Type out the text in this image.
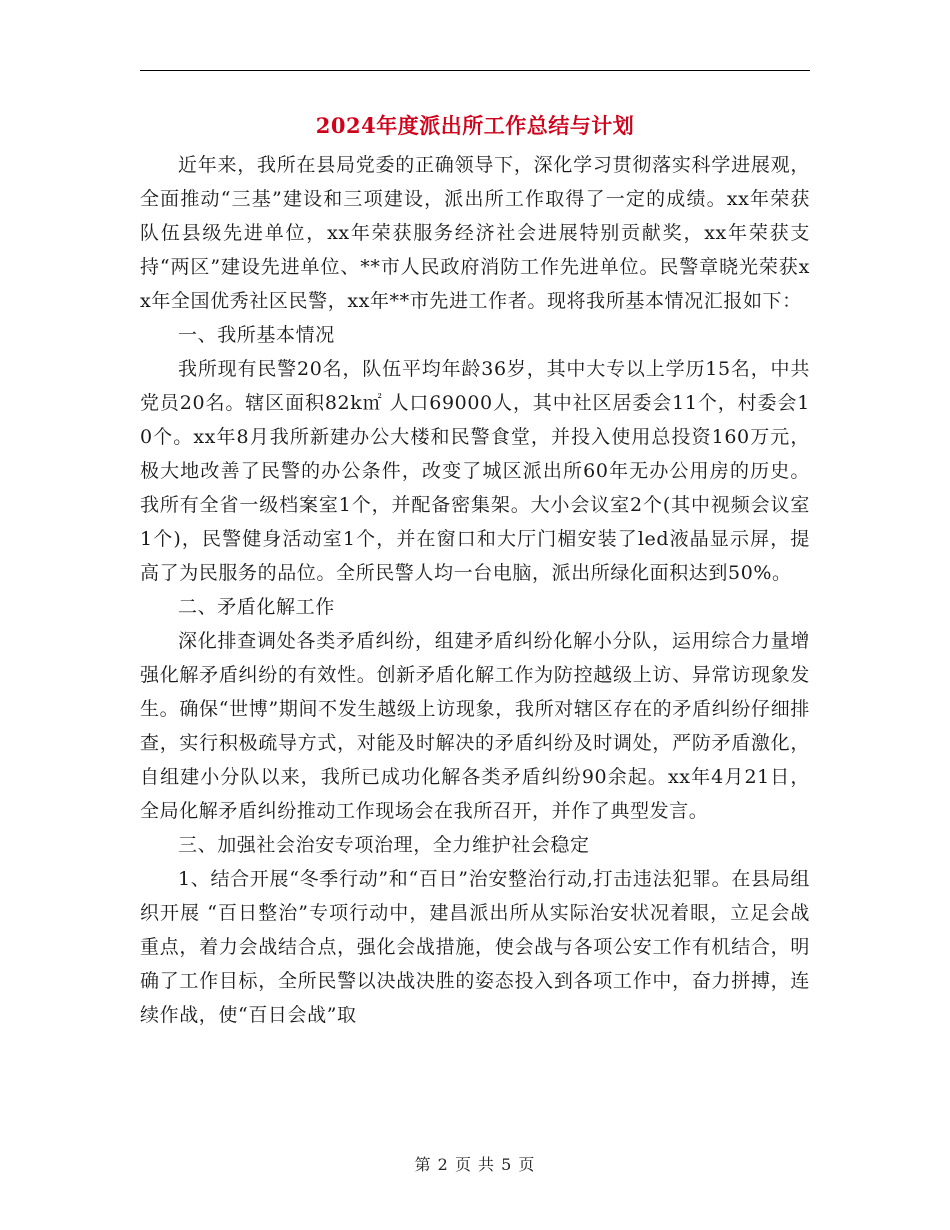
2024年度派出所工作总结与计划

近年来，我所在县局党委的正确领导下，深化学习贯彻落实科学进展观，全面推动“三基”建设和三项建设，派出所工作取得了一定的成绩。xx年荣获队伍县级先进单位，xx年荣获服务经济社会进展特别贡献奖，xx年荣获支持“两区”建设先进单位、**市人民政府消防工作先进单位。民警章晓光荣获xx年全国优秀社区民警，xx年**市先进工作者。现将我所基本情况汇报如下：

一、我所基本情况

我所现有民警20名，队伍平均年龄36岁，其中大专以上学历15名，中共党员20名。辖区面积82k㎡ 人口69000人，其中社区居委会11个，村委会10个。xx年8月我所新建办公大楼和民警食堂，并投入使用总投资160万元，极大地改善了民警的办公条件，改变了城区派出所60年无办公用房的历史。我所有全省一级档案室1个，并配备密集架。大小会议室2个(其中视频会议室1个)，民警健身活动室1个，并在窗口和大厅门楣安装了led液晶显示屏，提高了为民服务的品位。全所民警人均一台电脑，派出所绿化面积达到50%。

二、矛盾化解工作

深化排查调处各类矛盾纠纷，组建矛盾纠纷化解小分队，运用综合力量增强化解矛盾纠纷的有效性。创新矛盾化解工作为防控越级上访、异常访现象发生。确保“世博”期间不发生越级上访现象，我所对辖区存在的矛盾纠纷仔细排查，实行积极疏导方式，对能及时解决的矛盾纠纷及时调处，严防矛盾激化，自组建小分队以来，我所已成功化解各类矛盾纠纷90余起。xx年4月21日，全局化解矛盾纠纷推动工作现场会在我所召开，并作了典型发言。

三、加强社会治安专项治理，全力维护社会稳定

1、结合开展“冬季行动”和“百日”治安整治行动,打击违法犯罪。在县局组织开展 “百日整治”专项行动中，建昌派出所从实际治安状况着眼，立足会战重点，着力会战结合点，强化会战措施，使会战与各项公安工作有机结合，明确了工作目标，全所民警以决战决胜的姿态投入到各项工作中，奋力拼搏，连续作战，使“百日会战”取

第 2 页 共 5 页
